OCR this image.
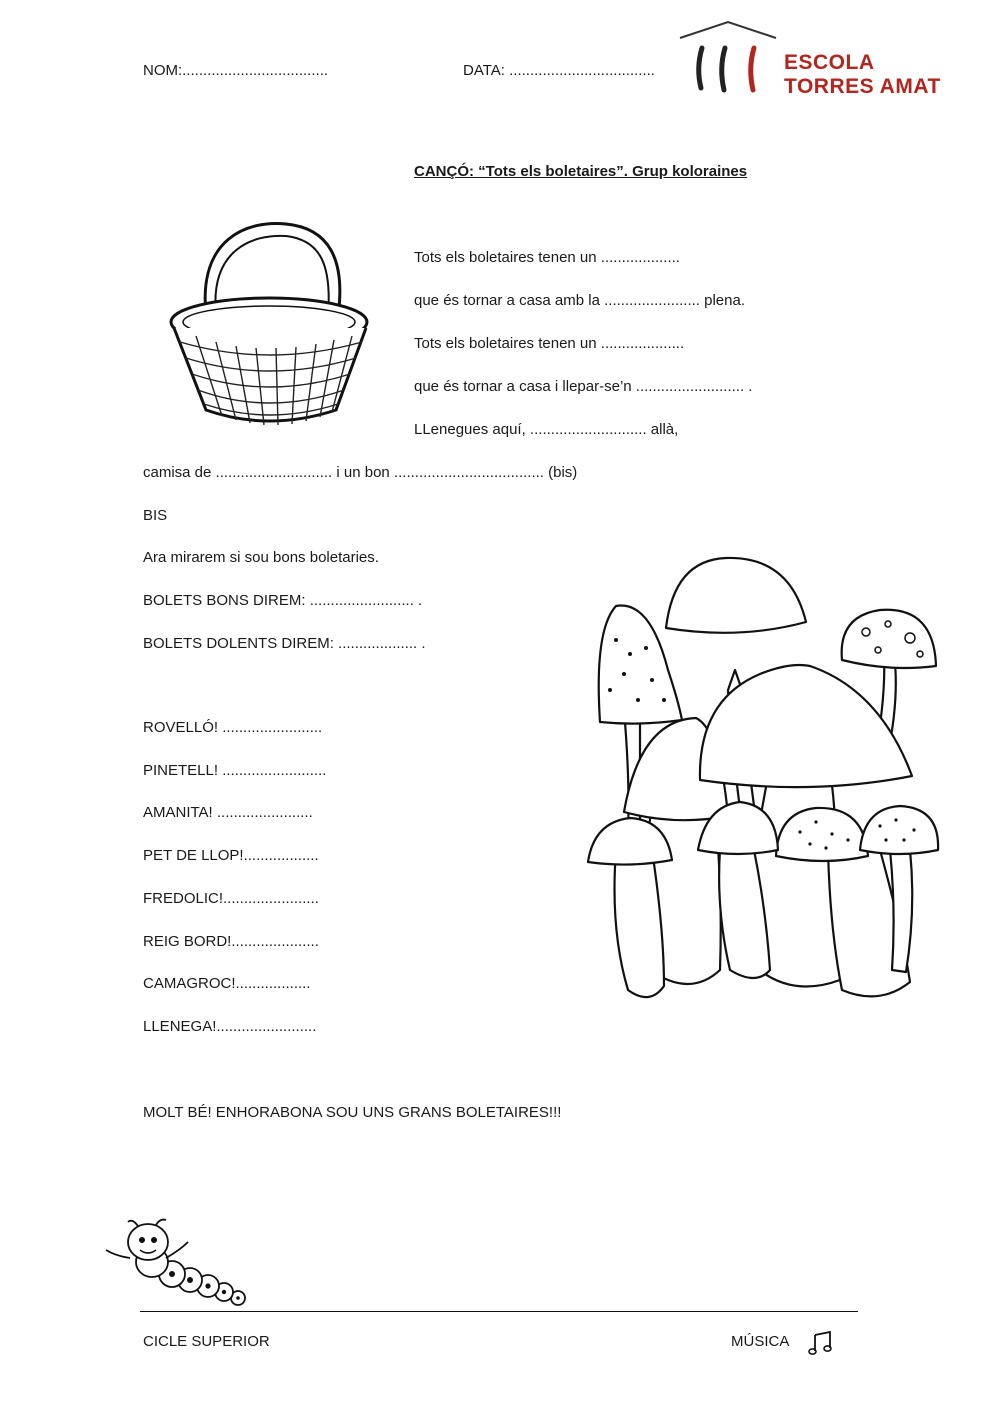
NOM:...................................	DATA: ...................................	ESCOLA
TORRES AMAT
CANÇÓ: “Tots els boletaires”. Grup koloraines
Tots els boletaires tenen un ...................
que és tornar a casa amb la ....................... plena.
Tots els boletaires tenen un ....................
que és tornar a casa i llepar-se’n .......................... .
LLenegues aquí, ............................ allà,
camisa de ............................ i un bon .................................... (bis)
BIS
Ara mirarem si sou bons boletaries.
BOLETS BONS DIREM: ......................... .
BOLETS DOLENTS DIREM: ................... .
ROVELLÓ! ........................
PINETELL! .........................
AMANITA! .......................
PET DE LLOP!..................
FREDOLIC!.......................
REIG BORD!.....................
CAMAGROC!..................
LLENEGA!........................
MOLT BÉ! ENHORABONA SOU UNS GRANS BOLETAIRES!!!
CICLE SUPERIOR	MÚSICA
